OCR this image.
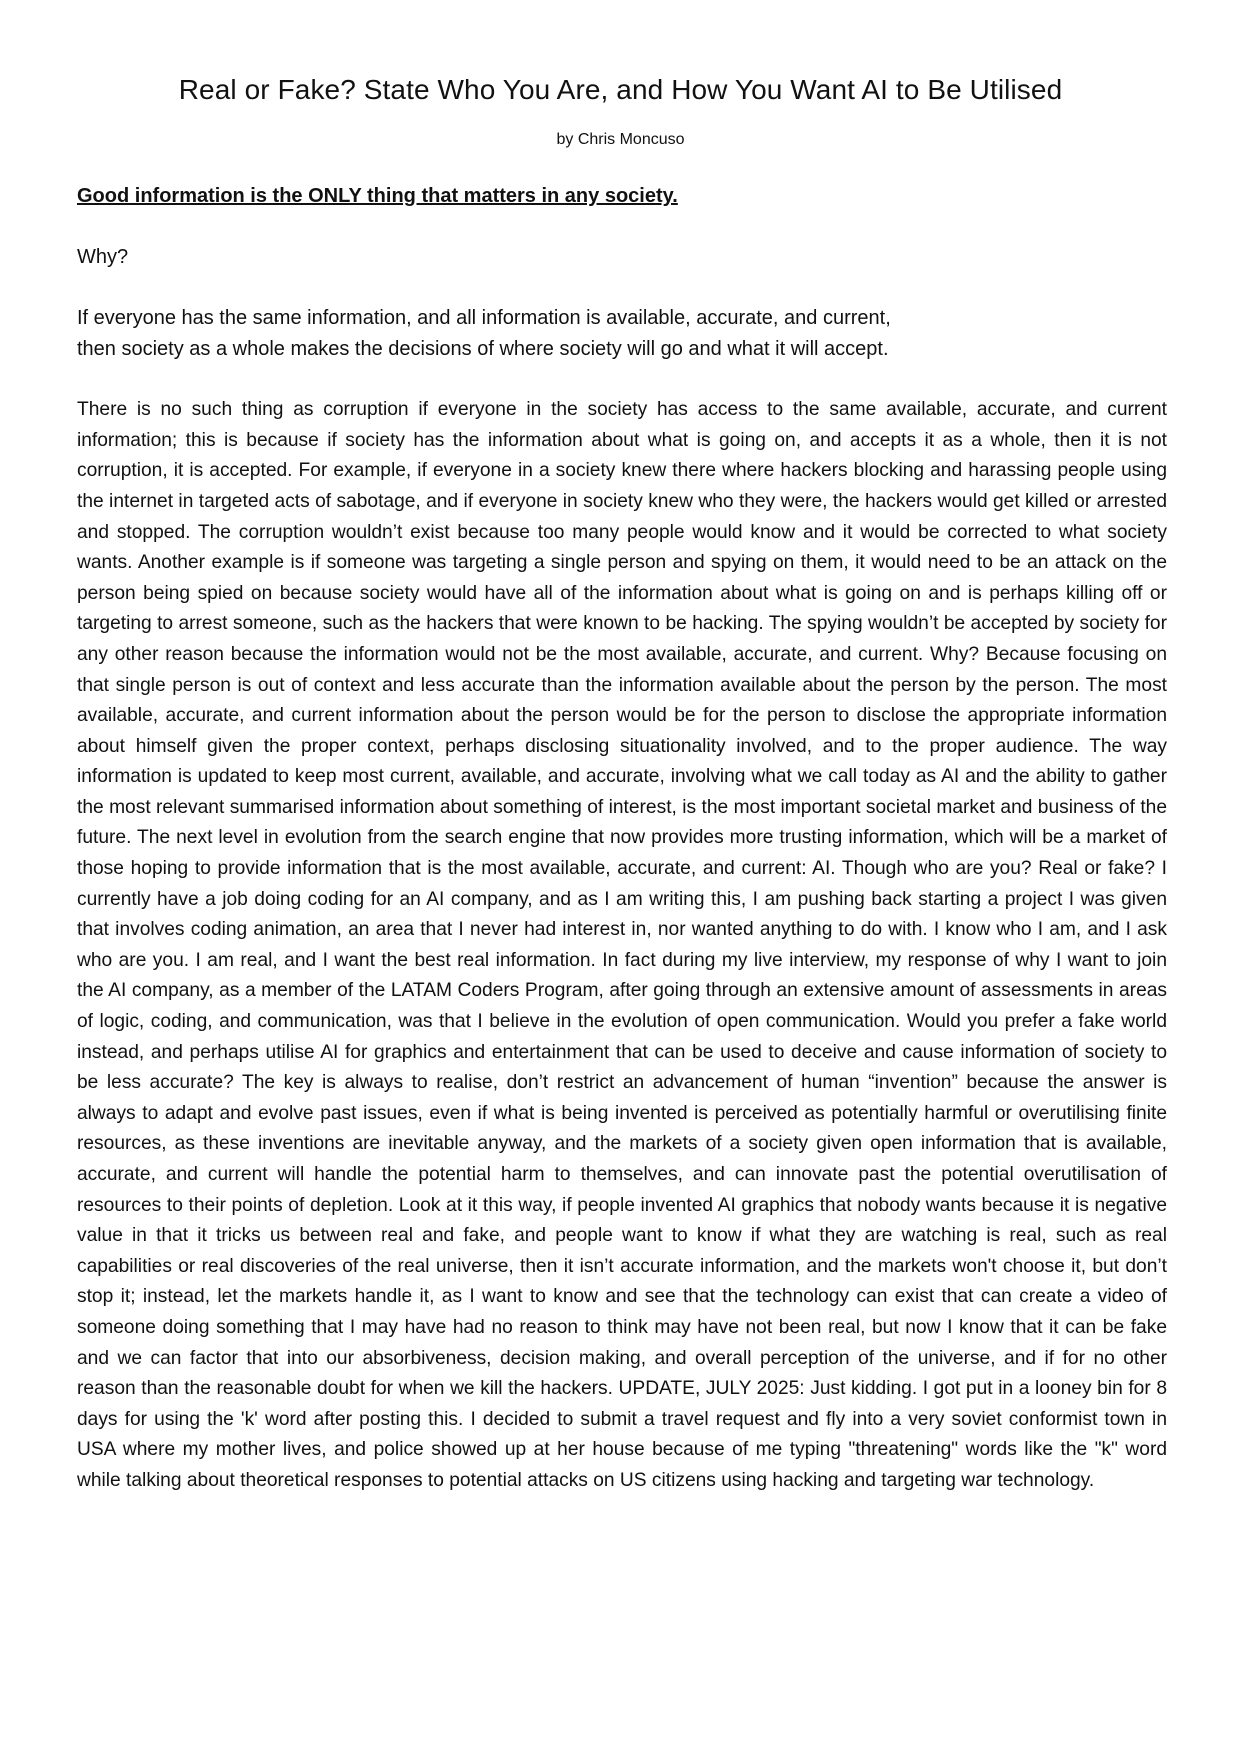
Real or Fake? State Who You Are, and How You Want AI to Be Utilised

by Chris Moncuso

Good information is the ONLY thing that matters in any society.

Why?

If everyone has the same information, and all information is available, accurate, and current,
then society as a whole makes the decisions of where society will go and what it will accept.

There is no such thing as corruption if everyone in the society has access to the same available, accurate, and current information; this is because if society has the information about what is going on, and accepts it as a whole, then it is not corruption, it is accepted. For example, if everyone in a society knew there where hackers blocking and harassing people using the internet in targeted acts of sabotage, and if everyone in society knew who they were, the hackers would get killed or arrested and stopped. The corruption wouldn’t exist because too many people would know and it would be corrected to what society wants. Another example is if someone was targeting a single person and spying on them, it would need to be an attack on the person being spied on because society would have all of the information about what is going on and is perhaps killing off or targeting to arrest someone, such as the hackers that were known to be hacking. The spying wouldn’t be accepted by society for any other reason because the information would not be the most available, accurate, and current. Why? Because focusing on that single person is out of context and less accurate than the information available about the person by the person. The most available, accurate, and current information about the person would be for the person to disclose the appropriate information about himself given the proper context, perhaps disclosing situationality involved, and to the proper audience. The way information is updated to keep most current, available, and accurate, involving what we call today as AI and the ability to gather the most relevant summarised information about something of interest, is the most important societal market and business of the future. The next level in evolution from the search engine that now provides more trusting information, which will be a market of those hoping to provide information that is the most available, accurate, and current: AI. Though who are you? Real or fake? I currently have a job doing coding for an AI company, and as I am writing this, I am pushing back starting a project I was given that involves coding animation, an area that I never had interest in, nor wanted anything to do with. I know who I am, and I ask who are you. I am real, and I want the best real information. In fact during my live interview, my response of why I want to join the AI company, as a member of the LATAM Coders Program, after going through an extensive amount of assessments in areas of logic, coding, and communication, was that I believe in the evolution of open communication. Would you prefer a fake world instead, and perhaps utilise AI for graphics and entertainment that can be used to deceive and cause information of society to be less accurate? The key is always to realise, don’t restrict an advancement of human “invention” because the answer is always to adapt and evolve past issues, even if what is being invented is perceived as potentially harmful or overutilising finite resources, as these inventions are inevitable anyway, and the markets of a society given open information that is available, accurate, and current will handle the potential harm to themselves, and can innovate past the potential overutilisation of resources to their points of depletion. Look at it this way, if people invented AI graphics that nobody wants because it is negative value in that it tricks us between real and fake, and people want to know if what they are watching is real, such as real capabilities or real discoveries of the real universe, then it isn’t accurate information, and the markets won't choose it, but don’t stop it; instead, let the markets handle it, as I want to know and see that the technology can exist that can create a video of someone doing something that I may have had no reason to think may have not been real, but now I know that it can be fake and we can factor that into our absorbiveness, decision making, and overall perception of the universe, and if for no other reason than the reasonable doubt for when we kill the hackers. UPDATE, JULY 2025: Just kidding. I got put in a looney bin for 8 days for using the 'k' word after posting this. I decided to submit a travel request and fly into a very soviet conformist town in USA where my mother lives, and police showed up at her house because of me typing "threatening" words like the "k" word while talking about theoretical responses to potential attacks on US citizens using hacking and targeting war technology.
